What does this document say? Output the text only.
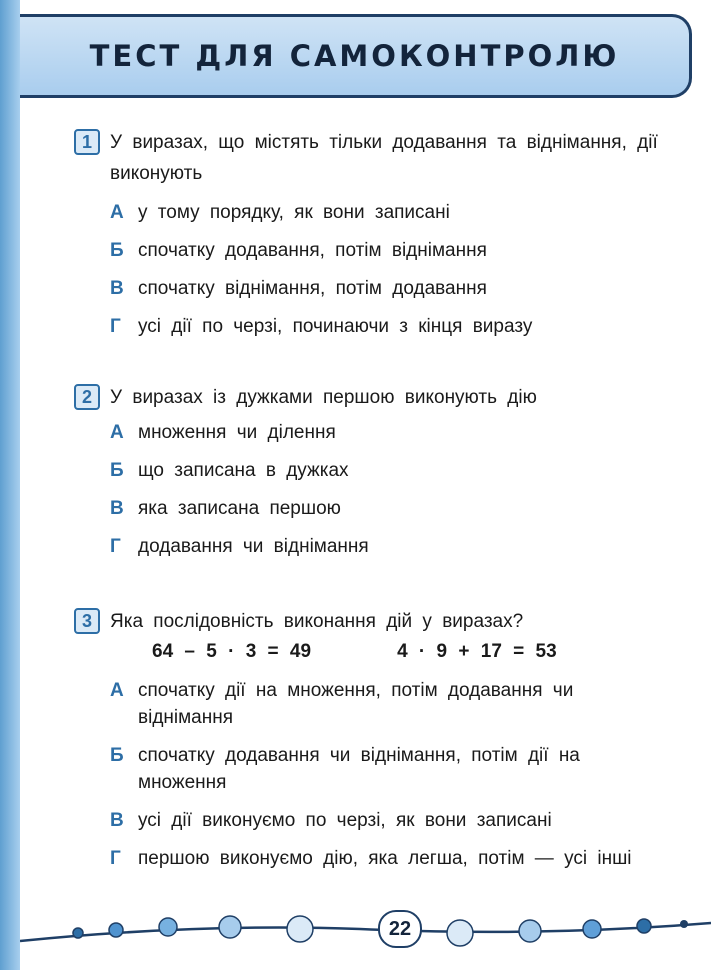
ТЕСТ ДЛЯ САМОКОНТРОЛЮ
1 У виразах, що містять тільки додавання та віднімання, дії виконують
А у тому порядку, як вони записані
Б спочатку додавання, потім віднімання
В спочатку віднімання, потім додавання
Г усі дії по черзі, починаючи з кінця виразу
2 У виразах із дужками першою виконують дію
А множення чи ділення
Б що записана в дужках
В яка записана першою
Г додавання чи віднімання
3 Яка послідовність виконання дій у виразах?
64 – 5 · 3 = 49	4 · 9 + 17 = 53
А спочатку дії на множення, потім додавання чи віднімання
Б спочатку додавання чи віднімання, потім дії на множення
В усі дії виконуємо по черзі, як вони записані
Г першою виконуємо дію, яка легша, потім — усі інші
22
